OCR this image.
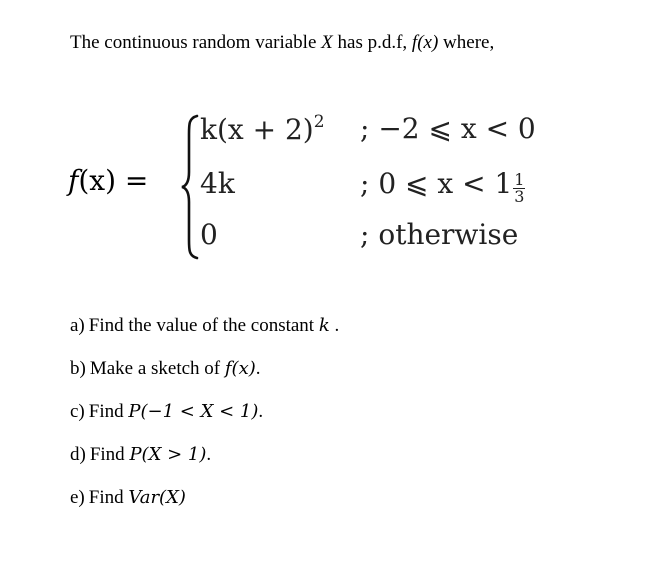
The continuous random variable X has p.d.f, f(x) where,
f(x) =
$k(x + 2)^2$ ; −2 ⩽ x < 0
4k	; 0 ⩽ $x < 1 \frac{1}{3}$
0	; otherwise
a) Find the value of the constant k .
b) Make a sketch of f(x).
c) Find P(−1 < X < 1).
d) Find P(X > 1).
e) Find Var(X)
